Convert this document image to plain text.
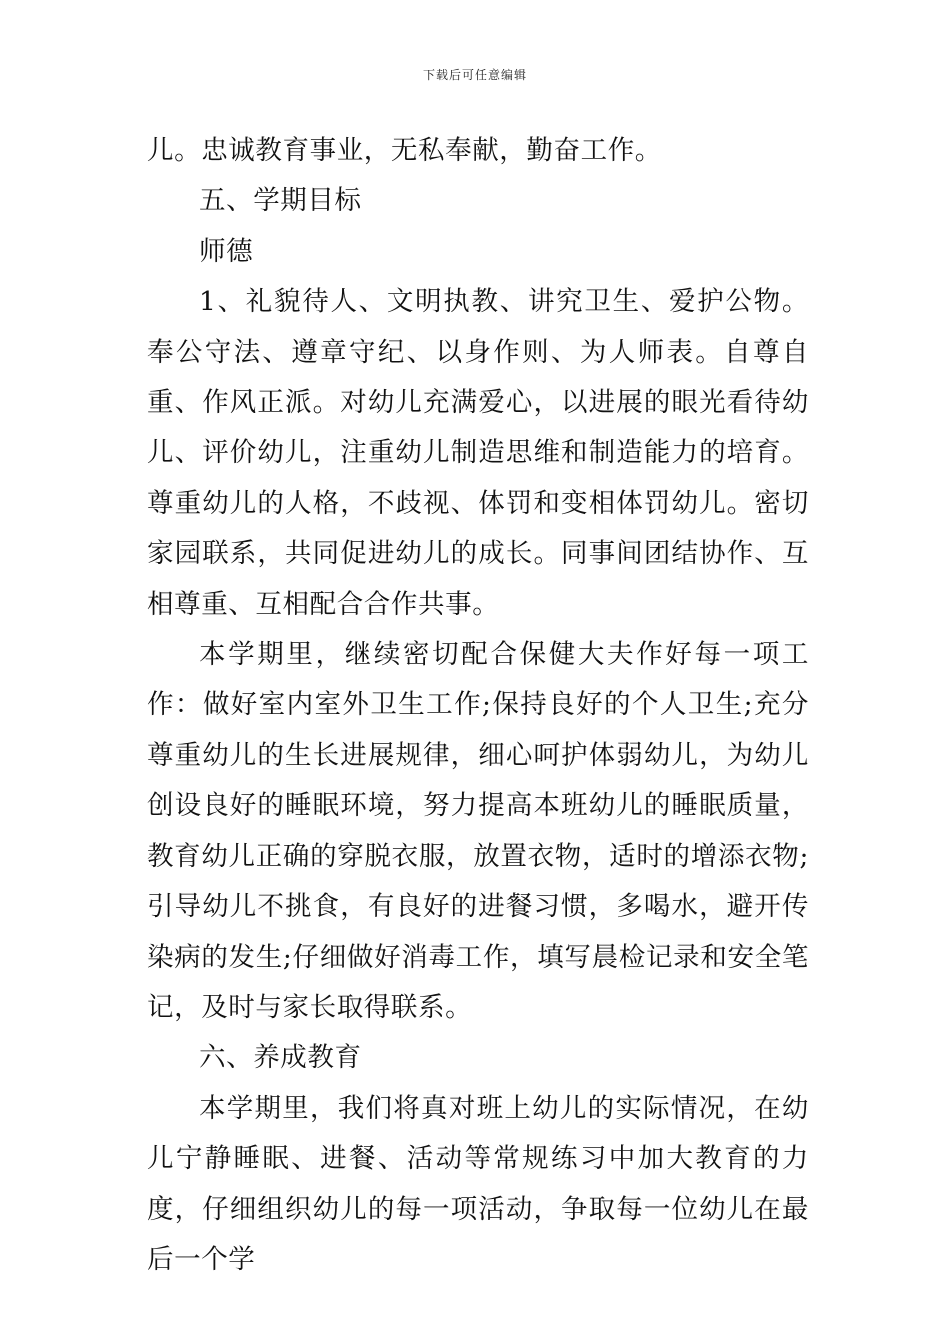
下载后可任意编辑

儿。忠诚教育事业，无私奉献，勤奋工作。

五、学期目标

师德

1、礼貌待人、文明执教、讲究卫生、爱护公物。奉公守法、遵章守纪、以身作则、为人师表。自尊自重、作风正派。对幼儿充满爱心，以进展的眼光看待幼儿、评价幼儿，注重幼儿制造思维和制造能力的培育。尊重幼儿的人格，不歧视、体罚和变相体罚幼儿。密切家园联系，共同促进幼儿的成长。同事间团结协作、互相尊重、互相配合合作共事。

本学期里，继续密切配合保健大夫作好每一项工作：做好室内室外卫生工作;保持良好的个人卫生;充分尊重幼儿的生长进展规律，细心呵护体弱幼儿，为幼儿创设良好的睡眠环境，努力提高本班幼儿的睡眠质量，教育幼儿正确的穿脱衣服，放置衣物，适时的增添衣物;引导幼儿不挑食，有良好的进餐习惯，多喝水，避开传染病的发生;仔细做好消毒工作，填写晨检记录和安全笔记，及时与家长取得联系。

六、养成教育

本学期里，我们将真对班上幼儿的实际情况，在幼儿宁静睡眠、进餐、活动等常规练习中加大教育的力度，仔细组织幼儿的每一项活动，争取每一位幼儿在最后一个学
